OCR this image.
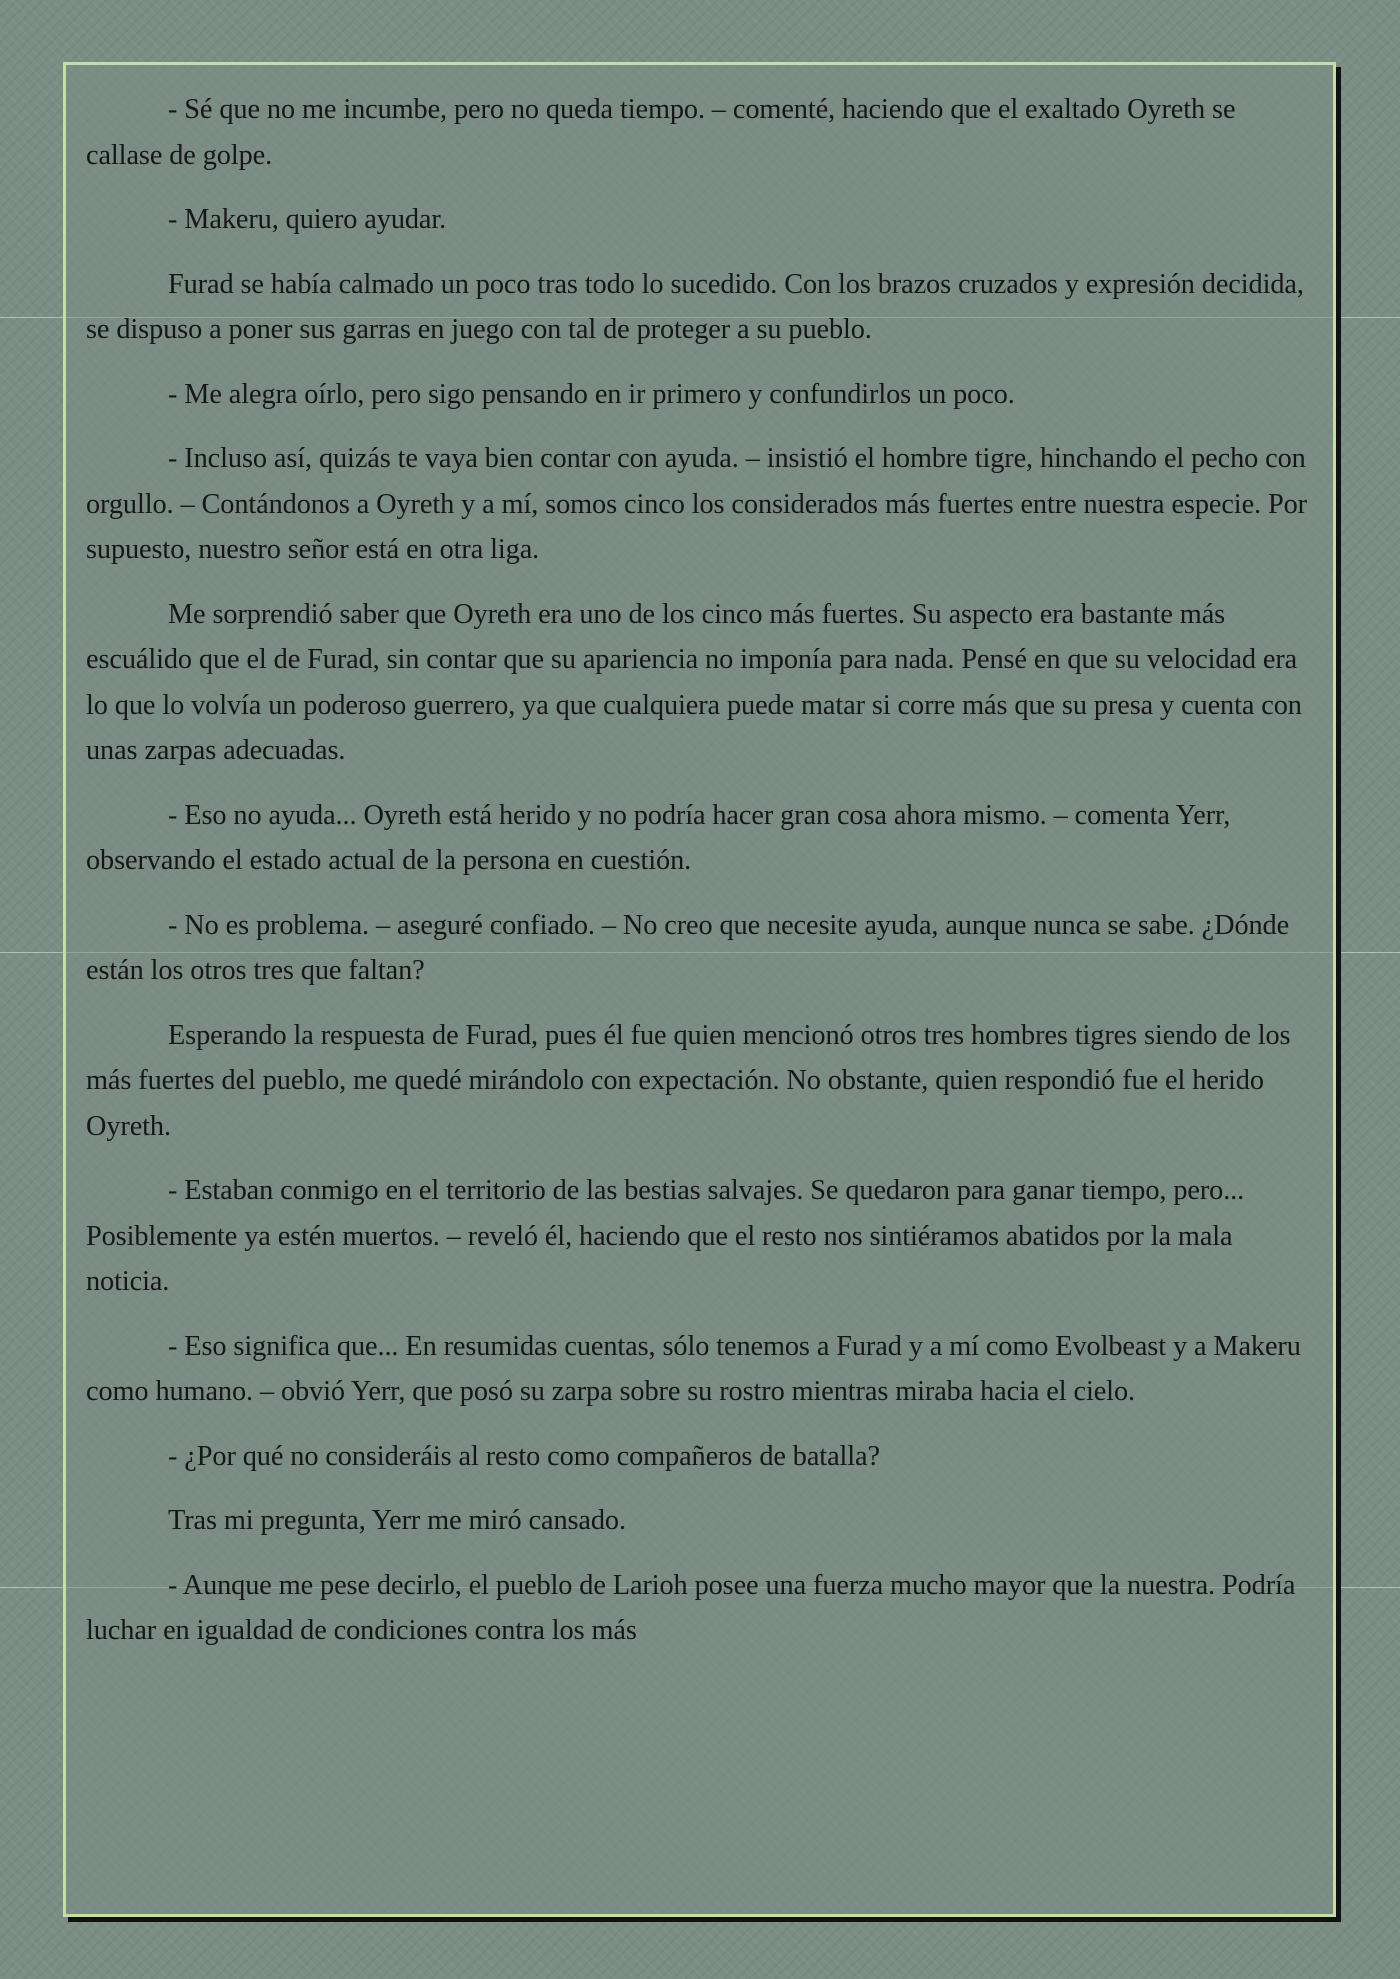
- Sé que no me incumbe, pero no queda tiempo. – comenté, haciendo que el exaltado Oyreth se callase de golpe.

- Makeru, quiero ayudar.

Furad se había calmado un poco tras todo lo sucedido. Con los brazos cruzados y expresión decidida, se dispuso a poner sus garras en juego con tal de proteger a su pueblo.

- Me alegra oírlo, pero sigo pensando en ir primero y confundirlos un poco.

- Incluso así, quizás te vaya bien contar con ayuda. – insistió el hombre tigre, hinchando el pecho con orgullo. – Contándonos a Oyreth y a mí, somos cinco los considerados más fuertes entre nuestra especie. Por supuesto, nuestro señor está en otra liga.

Me sorprendió saber que Oyreth era uno de los cinco más fuertes. Su aspecto era bastante más escuálido que el de Furad, sin contar que su apariencia no imponía para nada. Pensé en que su velocidad era lo que lo volvía un poderoso guerrero, ya que cualquiera puede matar si corre más que su presa y cuenta con unas zarpas adecuadas.

- Eso no ayuda... Oyreth está herido y no podría hacer gran cosa ahora mismo. – comenta Yerr, observando el estado actual de la persona en cuestión.

- No es problema. – aseguré confiado. – No creo que necesite ayuda, aunque nunca se sabe. ¿Dónde están los otros tres que faltan?

Esperando la respuesta de Furad, pues él fue quien mencionó otros tres hombres tigres siendo de los más fuertes del pueblo, me quedé mirándolo con expectación. No obstante, quien respondió fue el herido Oyreth.

- Estaban conmigo en el territorio de las bestias salvajes. Se quedaron para ganar tiempo, pero... Posiblemente ya estén muertos. – reveló él, haciendo que el resto nos sintiéramos abatidos por la mala noticia.

- Eso significa que... En resumidas cuentas, sólo tenemos a Furad y a mí como Evolbeast y a Makeru como humano. – obvió Yerr, que posó su zarpa sobre su rostro mientras miraba hacia el cielo.

- ¿Por qué no consideráis al resto como compañeros de batalla?

Tras mi pregunta, Yerr me miró cansado.

- Aunque me pese decirlo, el pueblo de Larioh posee una fuerza mucho mayor que la nuestra. Podría luchar en igualdad de condiciones contra los más
